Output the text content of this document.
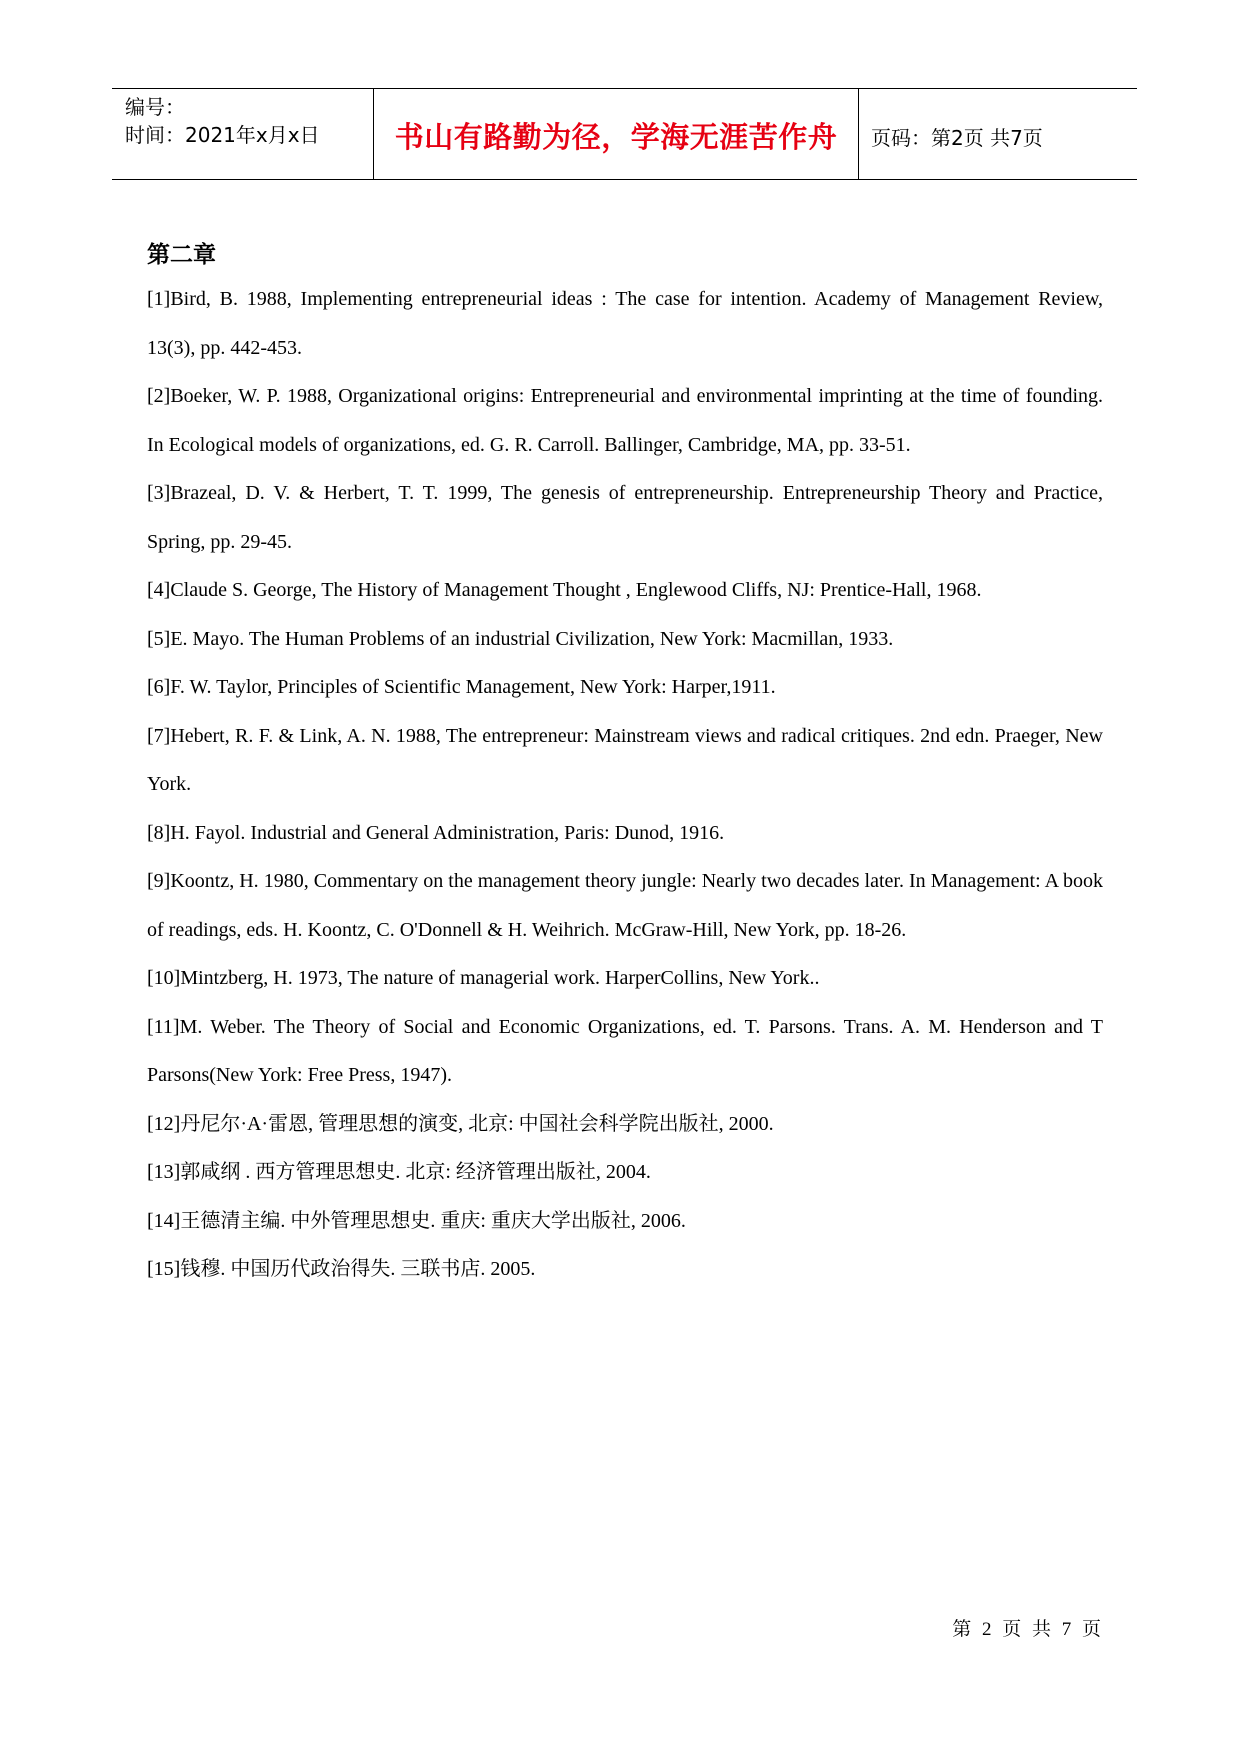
编号：
时间：2021年x月x日	书山有路勤为径，学海无涯苦作舟	页码：第2页 共7页
第二章

[1]Bird, B. 1988, Implementing entrepreneurial ideas : The case for intention. Academy of Management Review, 13(3), pp. 442-453.

[2]Boeker, W. P. 1988, Organizational origins: Entrepreneurial and environmental imprinting at the time of founding. In Ecological models of organizations, ed. G. R. Carroll. Ballinger, Cambridge, MA, pp. 33-51.

[3]Brazeal, D. V. & Herbert, T. T. 1999, The genesis of entrepreneurship. Entrepreneurship Theory and Practice, Spring, pp. 29-45.

[4]Claude S. George, The History of Management Thought , Englewood Cliffs, NJ: Prentice-Hall, 1968.

[5]E. Mayo. The Human Problems of an industrial Civilization, New York: Macmillan, 1933.

[6]F. W. Taylor, Principles of Scientific Management, New York: Harper,1911.

[7]Hebert, R. F. & Link, A. N. 1988, The entrepreneur: Mainstream views and radical critiques. 2nd edn. Praeger, New York.

[8]H. Fayol. Industrial and General Administration, Paris: Dunod, 1916.

[9]Koontz, H. 1980, Commentary on the management theory jungle: Nearly two decades later. In Management: A book of readings, eds. H. Koontz, C. O'Donnell & H. Weihrich. McGraw-Hill, New York, pp. 18-26.

[10]Mintzberg, H. 1973, The nature of managerial work. HarperCollins, New York..

[11]M. Weber. The Theory of Social and Economic Organizations, ed. T. Parsons. Trans. A. M. Henderson and T Parsons(New York: Free Press, 1947).

[12]丹尼尔·A·雷恩, 管理思想的演变, 北京: 中国社会科学院出版社, 2000.

[13]郭咸纲 . 西方管理思想史. 北京: 经济管理出版社, 2004.

[14]王德清主编. 中外管理思想史. 重庆: 重庆大学出版社, 2006.

[15]钱穆. 中国历代政治得失. 三联书店. 2005.

第 2 页 共 7 页
